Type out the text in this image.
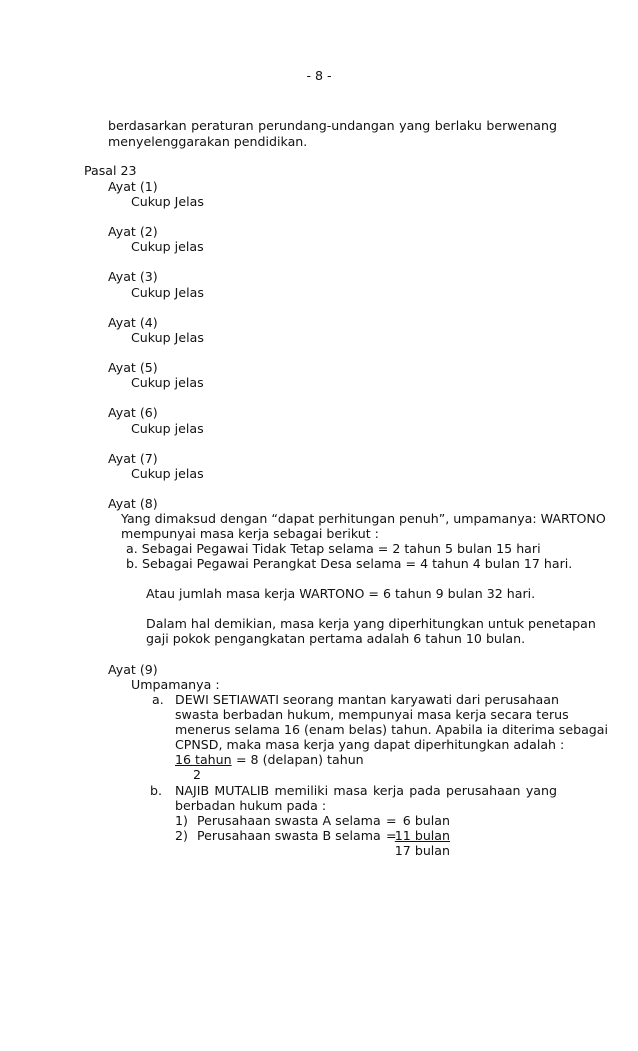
- 8 -
berdasarkan peraturan perundang-undangan yang berlaku berwenang
menyelenggarakan pendidikan.
Pasal 23
Ayat (1)
Cukup Jelas
Ayat (2)
Cukup jelas
Ayat (3)
Cukup Jelas
Ayat (4)
Cukup Jelas
Ayat (5)
Cukup jelas
Ayat (6)
Cukup jelas
Ayat (7)
Cukup jelas
Ayat (8)
Yang dimaksud dengan “dapat perhitungan penuh”, umpamanya: WARTONO
mempunyai masa kerja sebagai berikut :
a. Sebagai Pegawai Tidak Tetap selama = 2 tahun 5 bulan 15 hari
b. Sebagai Pegawai Perangkat Desa selama = 4 tahun 4 bulan 17 hari.
Atau jumlah masa kerja WARTONO = 6 tahun 9 bulan 32 hari.
Dalam hal demikian, masa kerja yang diperhitungkan untuk penetapan
gaji pokok pengangkatan pertama adalah 6 tahun 10 bulan.
Ayat (9)
Umpamanya :
a. DEWI SETIAWATI seorang mantan karyawati dari perusahaan
swasta berbadan hukum, mempunyai masa kerja secara terus
menerus selama 16 (enam belas) tahun. Apabila ia diterima sebagai
CPNSD, maka masa kerja yang dapat diperhitungkan adalah :
16 tahun = 8 (delapan) tahun
2
b. NAJIB MUTALIB memiliki masa kerja pada perusahaan yang
berbadan hukum pada :
1) Perusahaan swasta A selama = 6 bulan
2) Perusahaan swasta B selama =
11 bulan
17 bulan
